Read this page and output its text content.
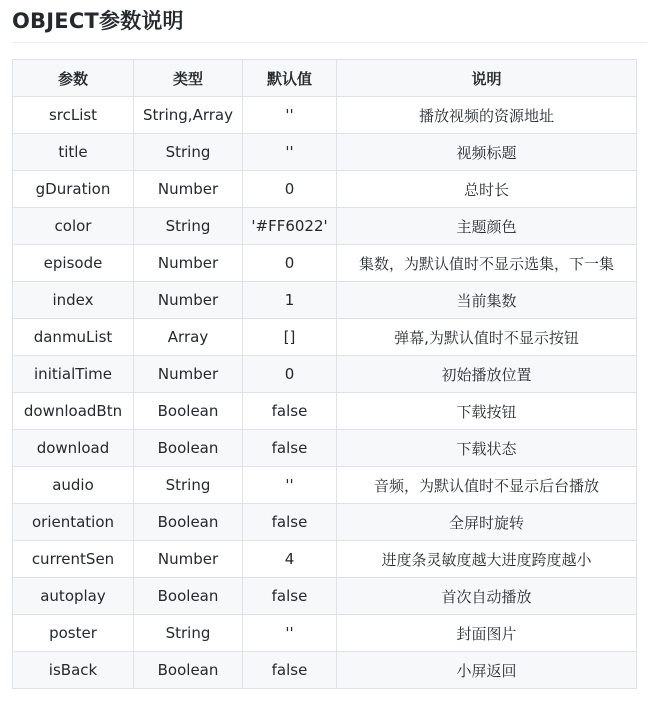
OBJECT参数说明
参数	类型	默认值	说明
srcList	String,Array	''	播放视频的资源地址
title	String	''	视频标题
gDuration	Number	0	总时长
color	String	'#FF6022'	主题颜色
episode	Number	0	集数，为默认值时不显示选集，下一集
index	Number	1	当前集数
danmuList	Array	[]	弹幕,为默认值时不显示按钮
initialTime	Number	0	初始播放位置
downloadBtn	Boolean	false	下载按钮
download	Boolean	false	下载状态
audio	String	''	音频，为默认值时不显示后台播放
orientation	Boolean	false	全屏时旋转
currentSen	Number	4	进度条灵敏度越大进度跨度越小
autoplay	Boolean	false	首次自动播放
poster	String	''	封面图片
isBack	Boolean	false	小屏返回
